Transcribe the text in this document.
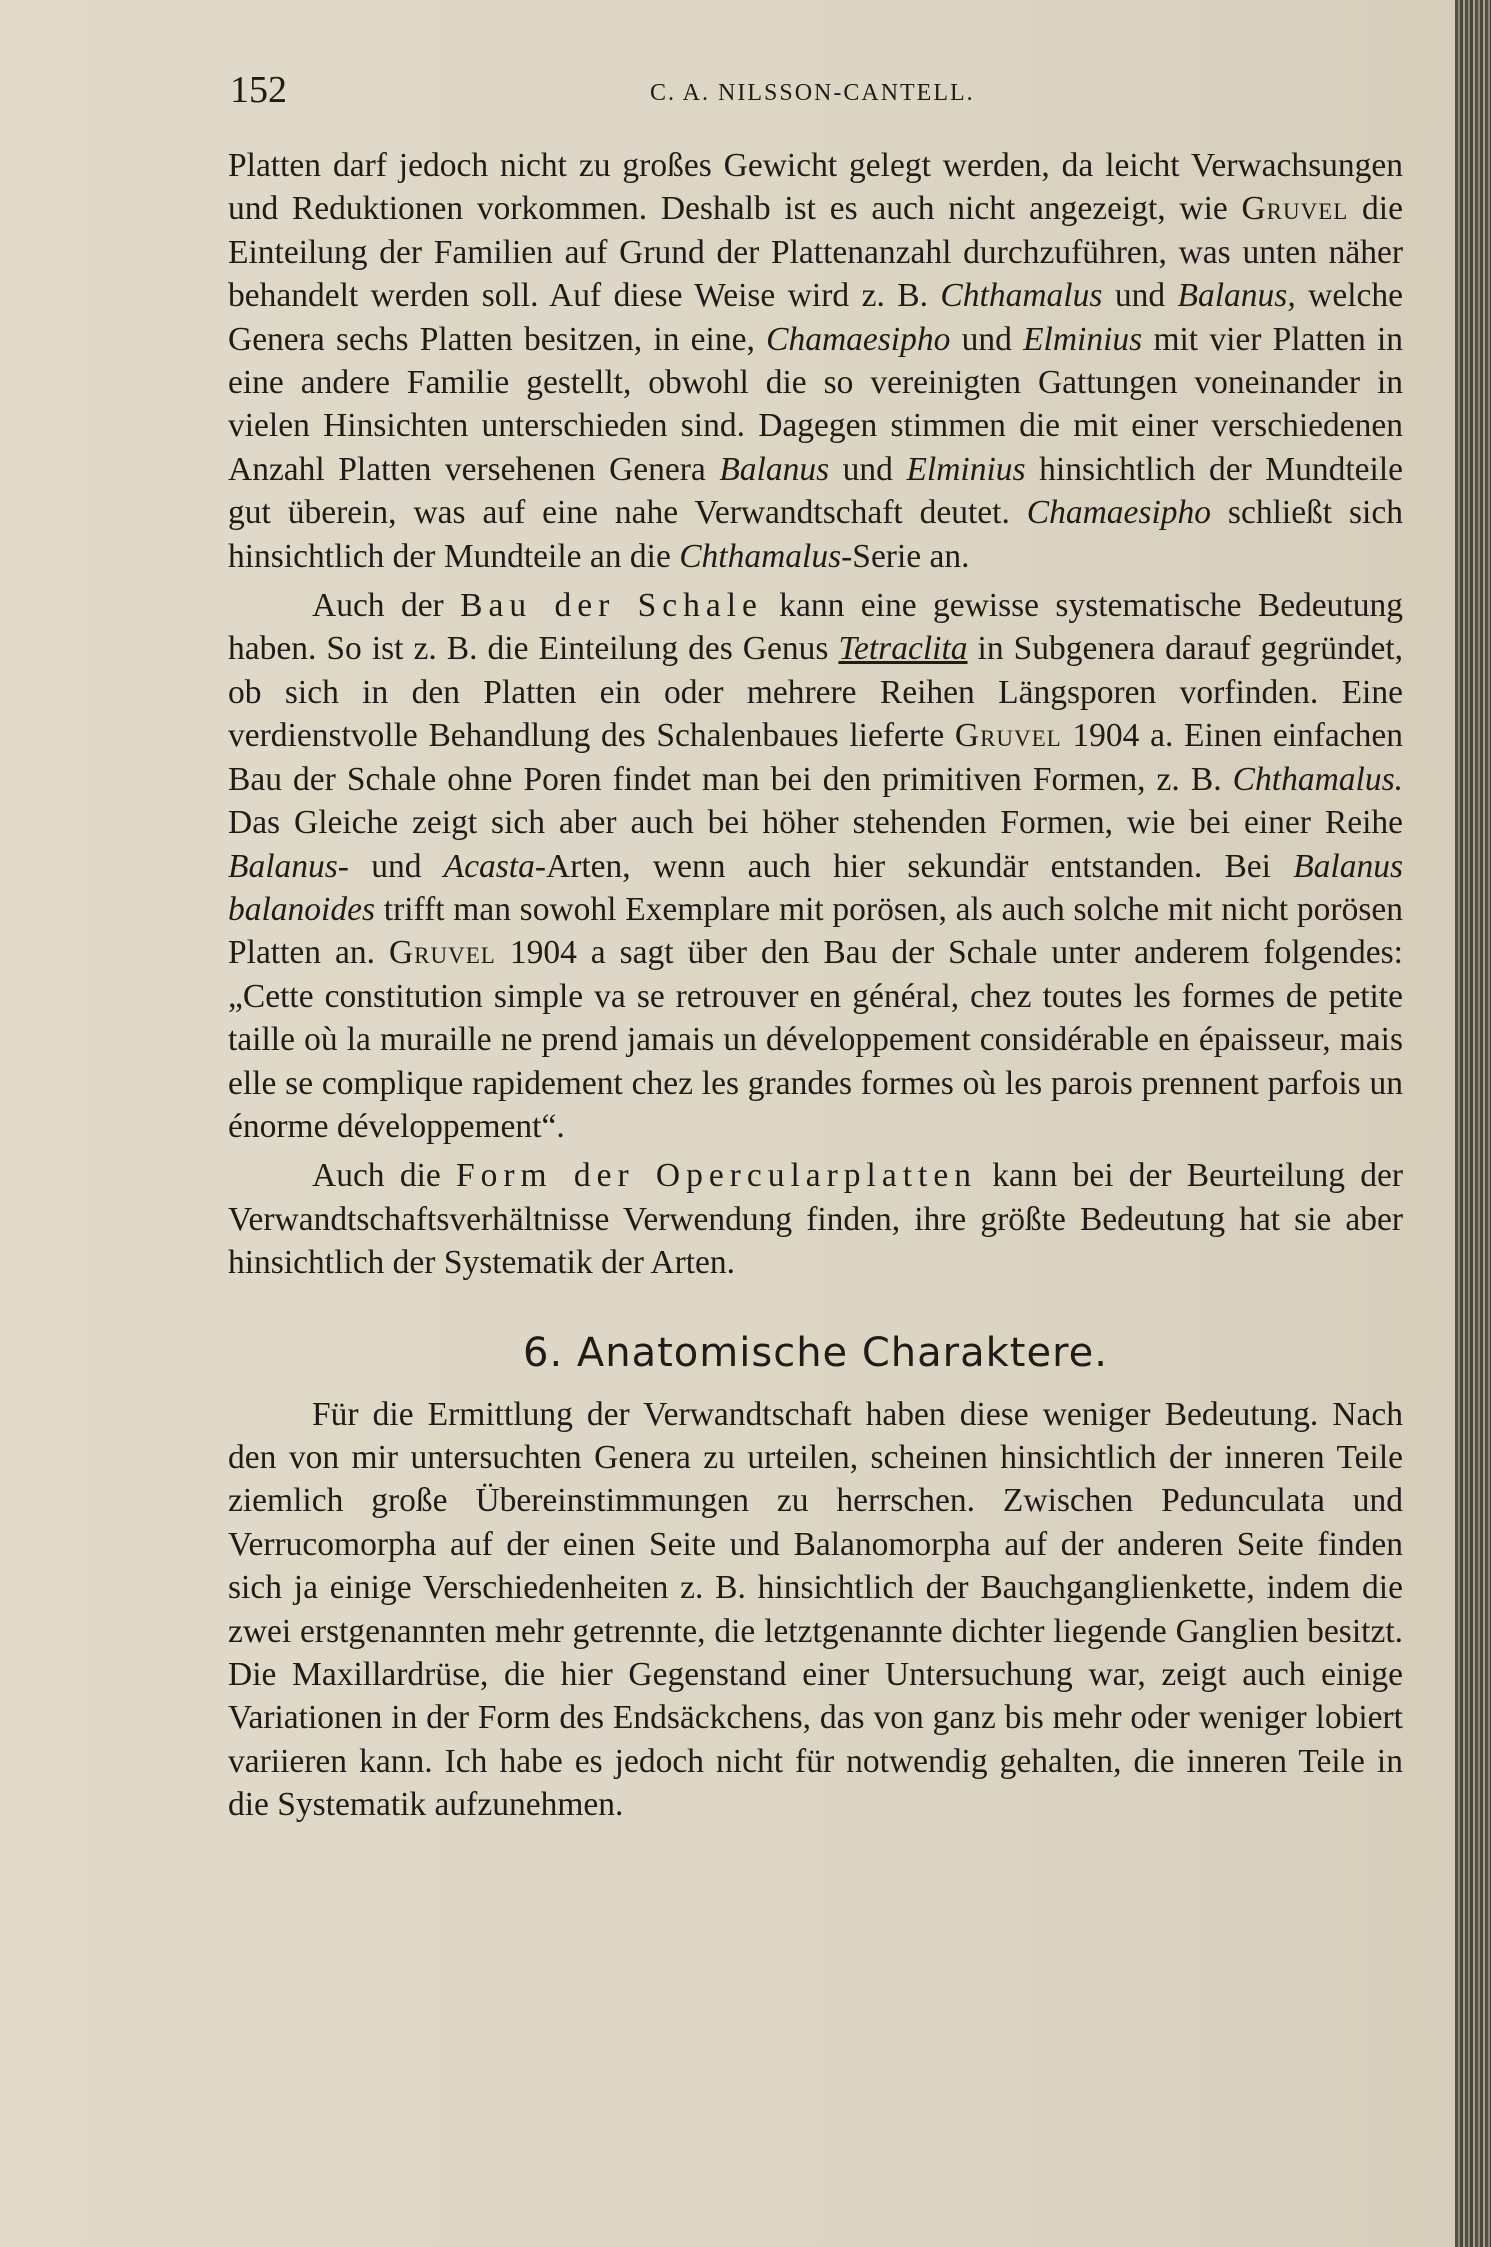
152	C. A. NILSSON-CANTELL.

Platten darf jedoch nicht zu großes Gewicht gelegt werden, da leicht Verwachsungen und Reduktionen vorkommen. Deshalb ist es auch nicht angezeigt, wie Gruvel die Einteilung der Familien auf Grund der Plattenanzahl durchzuführen, was unten näher behandelt werden soll. Auf diese Weise wird z. B. Chthamalus und Balanus, welche Genera sechs Platten besitzen, in eine, Chamaesipho und Elminius mit vier Platten in eine andere Familie gestellt, obwohl die so vereinigten Gattungen voneinander in vielen Hinsichten unterschieden sind. Dagegen stimmen die mit einer verschiedenen Anzahl Platten versehenen Genera Balanus und Elminius hinsichtlich der Mundteile gut überein, was auf eine nahe Verwandtschaft deutet. Chamaesipho schließt sich hinsichtlich der Mundteile an die Chthamalus-Serie an.

Auch der Bau der Schale kann eine gewisse systematische Bedeutung haben. So ist z. B. die Einteilung des Genus Tetraclita in Subgenera darauf gegründet, ob sich in den Platten ein oder mehrere Reihen Längsporen vorfinden. Eine verdienstvolle Behandlung des Schalenbaues lieferte Gruvel 1904 a. Einen einfachen Bau der Schale ohne Poren findet man bei den primitiven Formen, z. B. Chthamalus. Das Gleiche zeigt sich aber auch bei höher stehenden Formen, wie bei einer Reihe Balanus- und Acasta-Arten, wenn auch hier sekundär entstanden. Bei Balanus balanoides trifft man sowohl Exemplare mit porösen, als auch solche mit nicht porösen Platten an. Gruvel 1904 a sagt über den Bau der Schale unter anderem folgendes: „Cette constitution simple va se retrouver en général, chez toutes les formes de petite taille où la muraille ne prend jamais un développement considérable en épaisseur, mais elle se complique rapidement chez les grandes formes où les parois prennent parfois un énorme développement“.

Auch die Form der Opercularplatten kann bei der Beurteilung der Verwandtschaftsverhältnisse Verwendung finden, ihre größte Bedeutung hat sie aber hinsichtlich der Systematik der Arten.

6. Anatomische Charaktere.

Für die Ermittlung der Verwandtschaft haben diese weniger Bedeutung. Nach den von mir untersuchten Genera zu urteilen, scheinen hinsichtlich der inneren Teile ziemlich große Übereinstimmungen zu herrschen. Zwischen Pedunculata und Verrucomorpha auf der einen Seite und Balanomorpha auf der anderen Seite finden sich ja einige Verschiedenheiten z. B. hinsichtlich der Bauchganglienkette, indem die zwei erstgenannten mehr getrennte, die letztgenannte dichter liegende Ganglien besitzt. Die Maxillardrüse, die hier Gegenstand einer Untersuchung war, zeigt auch einige Variationen in der Form des Endsäckchens, das von ganz bis mehr oder weniger lobiert variieren kann. Ich habe es jedoch nicht für notwendig gehalten, die inneren Teile in die Systematik aufzunehmen.
